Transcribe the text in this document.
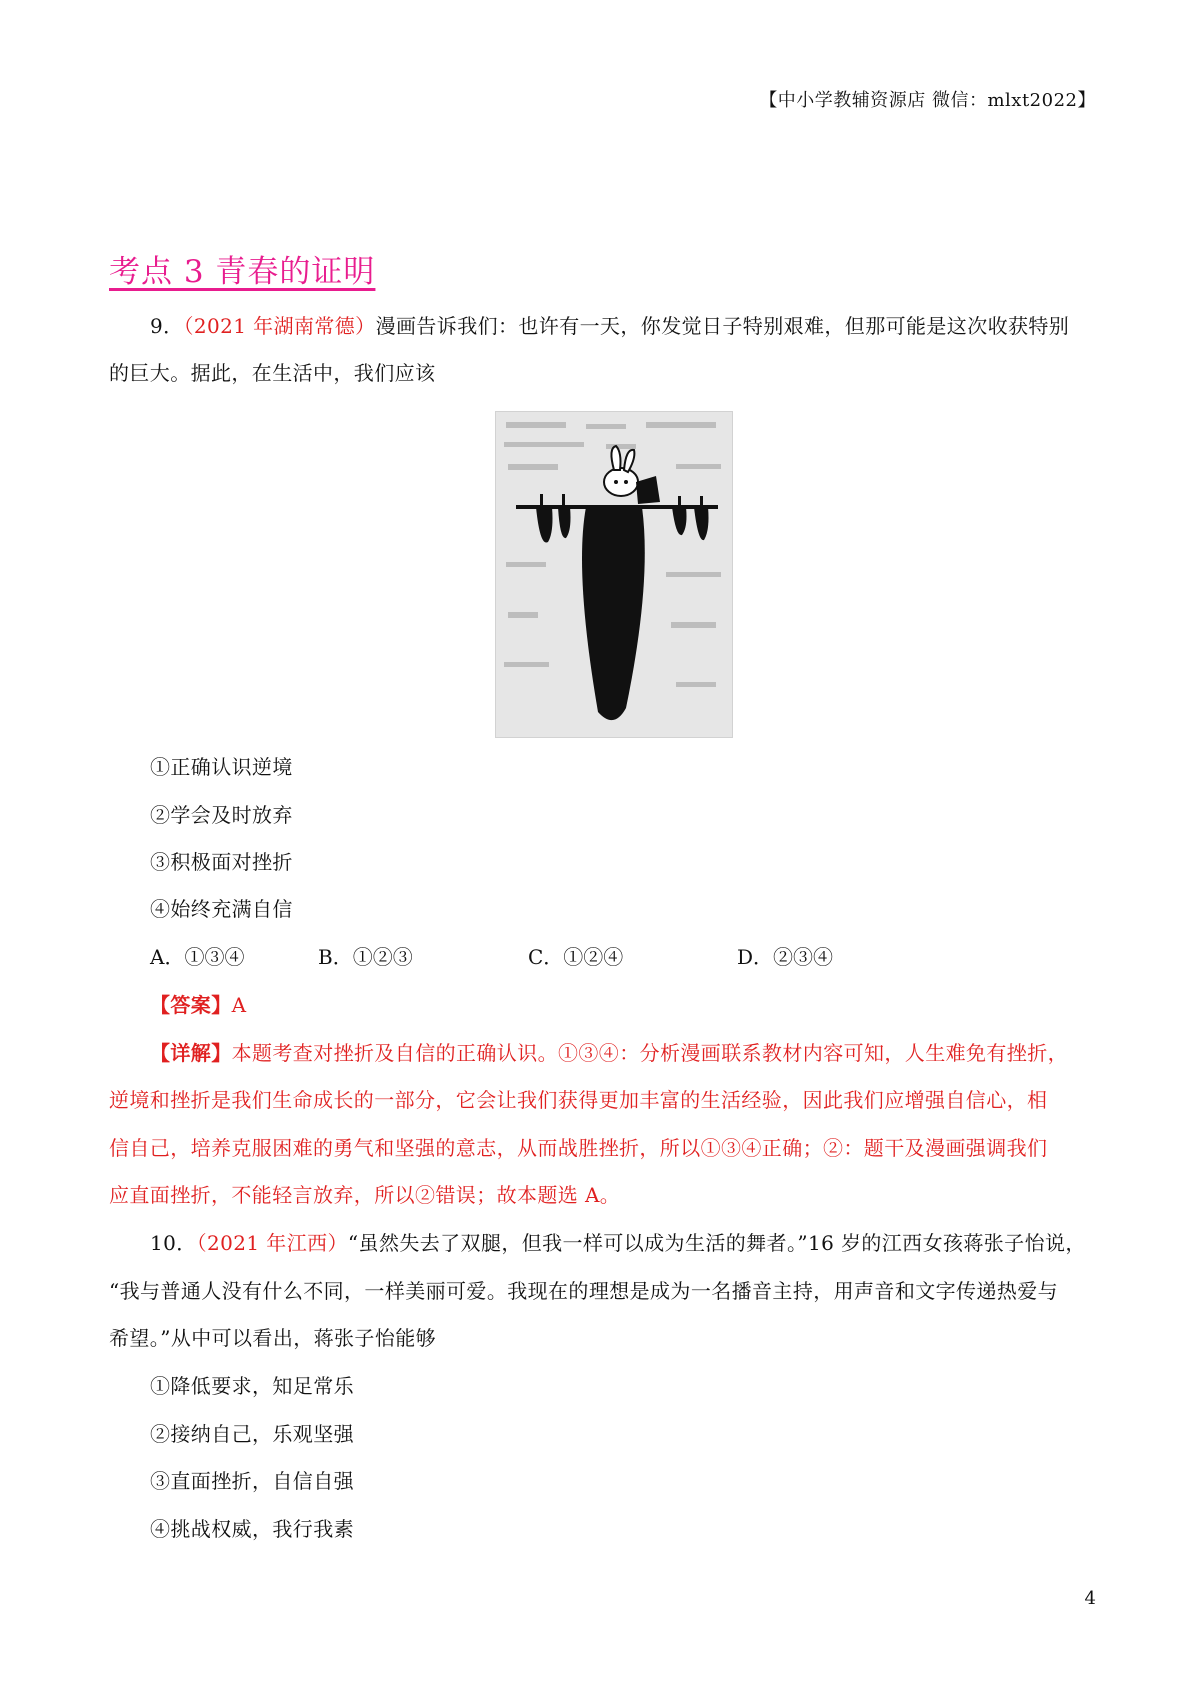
【中小学教辅资源店 微信：mlxt2022】
考点 3 青春的证明
9．（2021 年湖南常德）漫画告诉我们：也许有一天，你发觉日子特别艰难，但那可能是这次收获特别
的巨大。据此，在生活中，我们应该
①正确认识逆境
②学会及时放弃
③积极面对挫折
④始终充满自信
A．①③④	B．①②③	C．①②④	D．②③④
【答案】A
【详解】本题考查对挫折及自信的正确认识。①③④：分析漫画联系教材内容可知，人生难免有挫折，
逆境和挫折是我们生命成长的一部分，它会让我们获得更加丰富的生活经验，因此我们应增强自信心，相
信自己，培养克服困难的勇气和坚强的意志，从而战胜挫折，所以①③④正确；②：题干及漫画强调我们
应直面挫折，不能轻言放弃，所以②错误；故本题选 A。
10．（2021 年江西）“虽然失去了双腿，但我一样可以成为生活的舞者。”16 岁的江西女孩蒋张子怡说，
“我与普通人没有什么不同，一样美丽可爱。我现在的理想是成为一名播音主持，用声音和文字传递热爱与
希望。”从中可以看出，蒋张子怡能够
①降低要求，知足常乐
②接纳自己，乐观坚强
③直面挫折，自信自强
④挑战权威，我行我素
4
